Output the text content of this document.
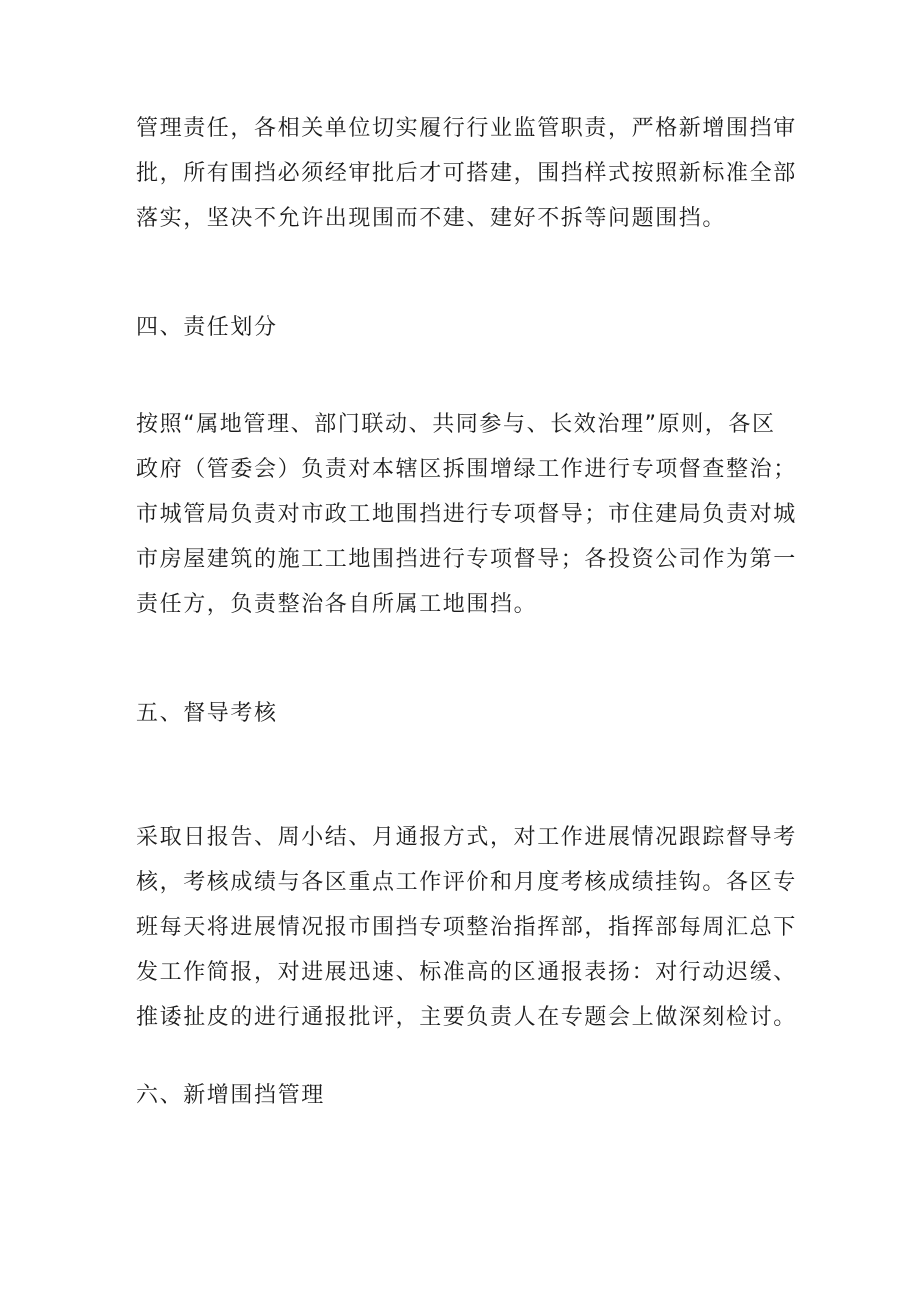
管理责任，各相关单位切实履行行业监管职责，严格新增围挡审
批，所有围挡必须经审批后才可搭建，围挡样式按照新标准全部
落实，坚决不允许出现围而不建、建好不拆等问题围挡。

四、责任划分

按照“属地管理、部门联动、共同参与、长效治理”原则，各区
政府（管委会）负责对本辖区拆围增绿工作进行专项督查整治；
市城管局负责对市政工地围挡进行专项督导；市住建局负责对城
市房屋建筑的施工工地围挡进行专项督导；各投资公司作为第一
责任方，负责整治各自所属工地围挡。

五、督导考核

采取日报告、周小结、月通报方式，对工作进展情况跟踪督导考
核，考核成绩与各区重点工作评价和月度考核成绩挂钩。各区专
班每天将进展情况报市围挡专项整治指挥部，指挥部每周汇总下
发工作简报，对进展迅速、标准高的区通报表扬：对行动迟缓、
推诿扯皮的进行通报批评，主要负责人在专题会上做深刻检讨。

六、新增围挡管理
